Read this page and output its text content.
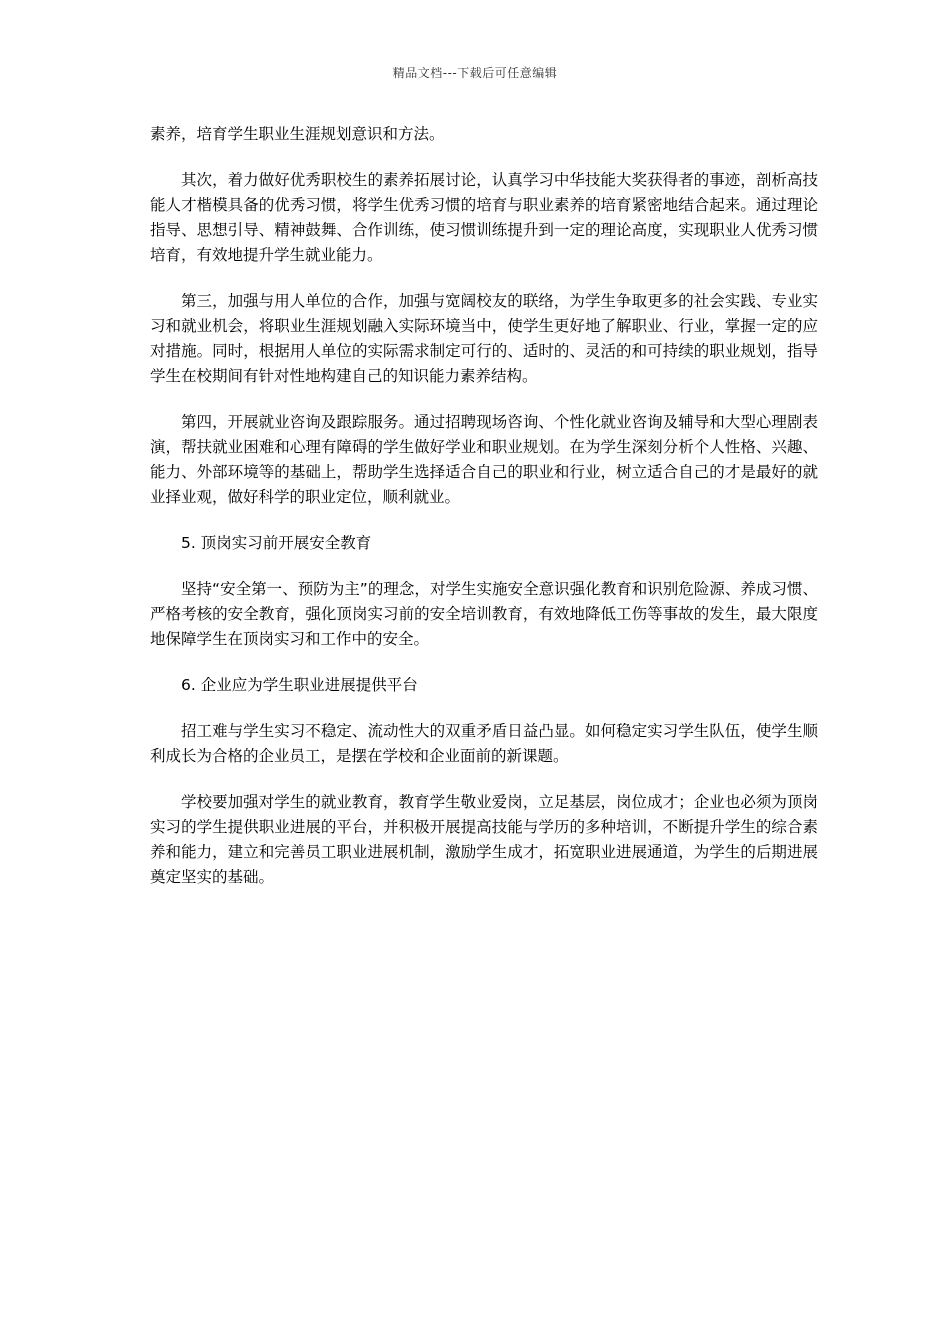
精品文档---下载后可任意编辑

素养，培育学生职业生涯规划意识和方法。

其次，着力做好优秀职校生的素养拓展讨论，认真学习中华技能大奖获得者的事迹，剖析高技能人才楷模具备的优秀习惯，将学生优秀习惯的培育与职业素养的培育紧密地结合起来。通过理论指导、思想引导、精神鼓舞、合作训练，使习惯训练提升到一定的理论高度，实现职业人优秀习惯培育，有效地提升学生就业能力。

第三，加强与用人单位的合作，加强与宽阔校友的联络，为学生争取更多的社会实践、专业实习和就业机会，将职业生涯规划融入实际环境当中，使学生更好地了解职业、行业，掌握一定的应对措施。同时，根据用人单位的实际需求制定可行的、适时的、灵活的和可持续的职业规划，指导学生在校期间有针对性地构建自己的知识能力素养结构。

第四，开展就业咨询及跟踪服务。通过招聘现场咨询、个性化就业咨询及辅导和大型心理剧表演，帮扶就业困难和心理有障碍的学生做好学业和职业规划。在为学生深刻分析个人性格、兴趣、能力、外部环境等的基础上，帮助学生选择适合自己的职业和行业，树立适合自己的才是最好的就业择业观，做好科学的职业定位，顺利就业。

5. 顶岗实习前开展安全教育

坚持“安全第一、预防为主”的理念，对学生实施安全意识强化教育和识别危险源、养成习惯、严格考核的安全教育，强化顶岗实习前的安全培训教育，有效地降低工伤等事故的发生，最大限度地保障学生在顶岗实习和工作中的安全。

6. 企业应为学生职业进展提供平台

招工难与学生实习不稳定、流动性大的双重矛盾日益凸显。如何稳定实习学生队伍，使学生顺利成长为合格的企业员工，是摆在学校和企业面前的新课题。

学校要加强对学生的就业教育，教育学生敬业爱岗，立足基层，岗位成才；企业也必须为顶岗实习的学生提供职业进展的平台，并积极开展提高技能与学历的多种培训，不断提升学生的综合素养和能力，建立和完善员工职业进展机制，激励学生成才，拓宽职业进展通道，为学生的后期进展奠定坚实的基础。
